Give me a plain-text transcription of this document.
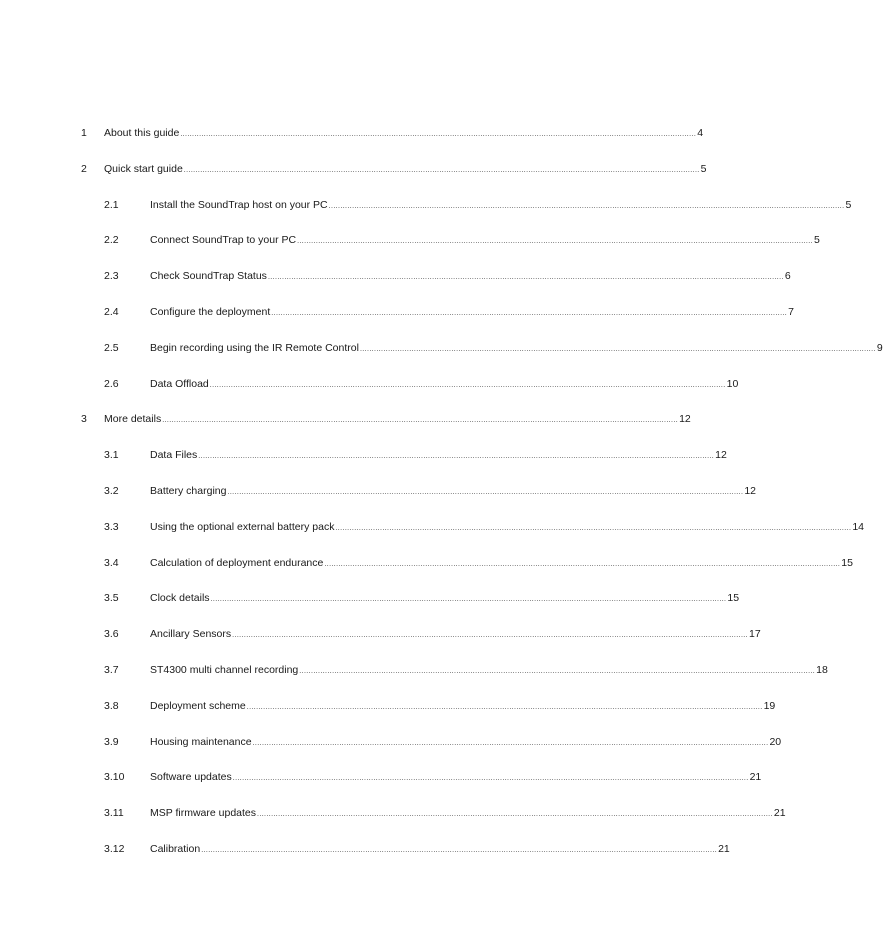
1	About this guide ............................................................................................................................................................................................................................ 4
2	Quick start guide ............................................................................................................................................................................................................................ 5
2.1	Install the SoundTrap host on your PC ............................................................................................................................................................................................................................ 5
2.2	Connect SoundTrap to your PC ............................................................................................................................................................................................................................ 5
2.3	Check SoundTrap Status ............................................................................................................................................................................................................................ 6
2.4	Configure the deployment ............................................................................................................................................................................................................................ 7
2.5	Begin recording using the IR Remote Control ............................................................................................................................................................................................................................ 9
2.6	Data Offload ............................................................................................................................................................................................................................ 10
3	More details ............................................................................................................................................................................................................................ 12
3.1	Data Files ............................................................................................................................................................................................................................ 12
3.2	Battery charging ............................................................................................................................................................................................................................ 12
3.3	Using the optional external battery pack ............................................................................................................................................................................................................................ 14
3.4	Calculation of deployment endurance ............................................................................................................................................................................................................................ 15
3.5	Clock details ............................................................................................................................................................................................................................ 15
3.6	Ancillary Sensors ............................................................................................................................................................................................................................ 17
3.7	ST4300 multi channel recording ............................................................................................................................................................................................................................ 18
3.8	Deployment scheme ............................................................................................................................................................................................................................ 19
3.9	Housing maintenance ............................................................................................................................................................................................................................ 20
3.10	Software updates ............................................................................................................................................................................................................................ 21
3.11	MSP firmware updates ............................................................................................................................................................................................................................ 21
3.12	Calibration ............................................................................................................................................................................................................................ 21
